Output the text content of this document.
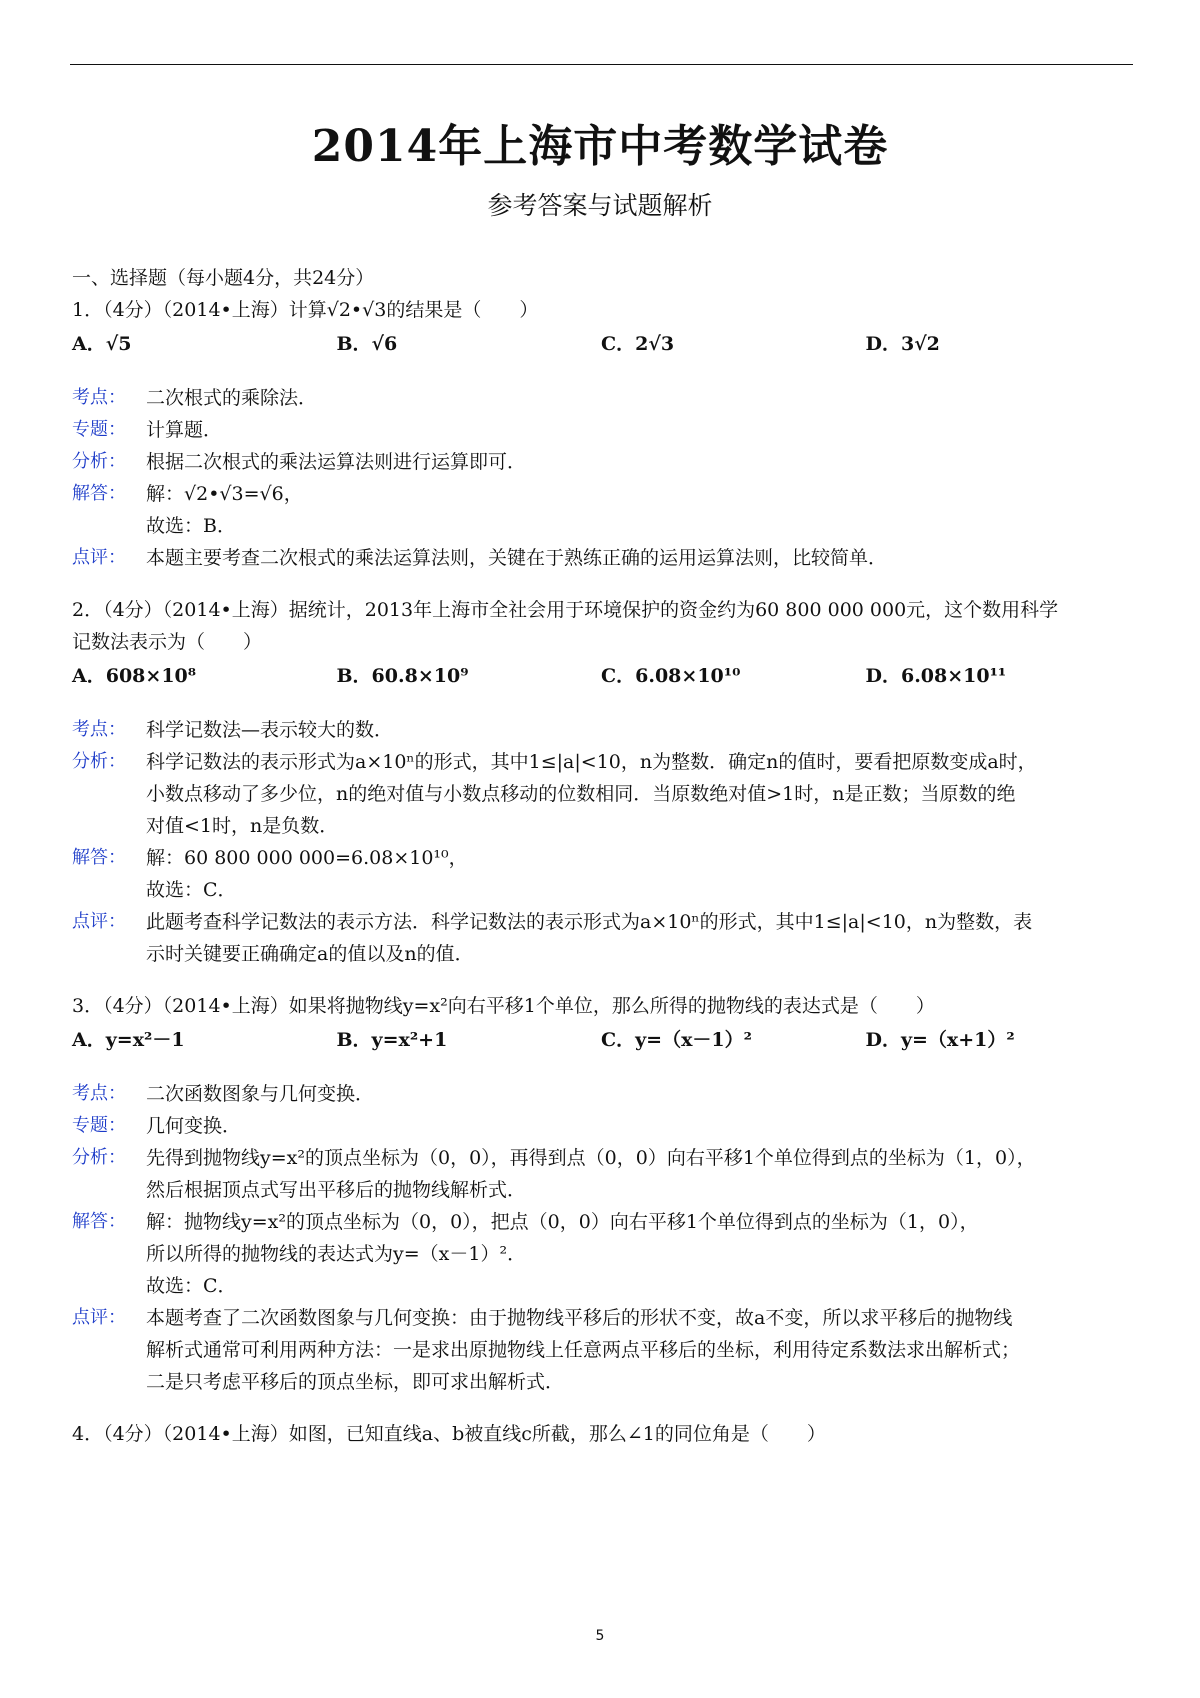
2014年上海市中考数学试卷
参考答案与试题解析
一、选择题（每小题4分，共24分）
1．（4分）（2014•上海）计算√2•√3的结果是（　　）
A．√5	B．√6	C．2√3	D．3√2
考点：	二次根式的乘除法．
专题：	计算题．
分析：	根据二次根式的乘法运算法则进行运算即可．
解答：	解：√2•√3=√6，
故选：B．
点评：	本题主要考查二次根式的乘法运算法则，关键在于熟练正确的运用运算法则，比较简单．
2．（4分）（2014•上海）据统计，2013年上海市全社会用于环境保护的资金约为60 800 000 000元，这个数用科学
记数法表示为（　　）
A．608×10⁸	B．60.8×10⁹	C．6.08×10¹⁰	D．6.08×10¹¹
考点：	科学记数法—表示较大的数．
分析：	科学记数法的表示形式为a×10ⁿ的形式，其中1≤|a|<10，n为整数．确定n的值时，要看把原数变成a时，
小数点移动了多少位，n的绝对值与小数点移动的位数相同．当原数绝对值>1时，n是正数；当原数的绝
对值<1时，n是负数．
解答：	解：60 800 000 000=6.08×10¹⁰，
故选：C．
点评：	此题考查科学记数法的表示方法．科学记数法的表示形式为a×10ⁿ的形式，其中1≤|a|<10，n为整数，表
示时关键要正确确定a的值以及n的值．
3．（4分）（2014•上海）如果将抛物线y=x²向右平移1个单位，那么所得的抛物线的表达式是（　　）
A．y=x²－1	B．y=x²+1	C．y=（x－1）²	D．y=（x+1）²
考点：	二次函数图象与几何变换．
专题：	几何变换．
分析：	先得到抛物线y=x²的顶点坐标为（0，0），再得到点（0，0）向右平移1个单位得到点的坐标为（1，0），
然后根据顶点式写出平移后的抛物线解析式．
解答：	解：抛物线y=x²的顶点坐标为（0，0），把点（0，0）向右平移1个单位得到点的坐标为（1，0），
所以所得的抛物线的表达式为y=（x－1）²．
故选：C．
点评：	本题考查了二次函数图象与几何变换：由于抛物线平移后的形状不变，故a不变，所以求平移后的抛物线
解析式通常可利用两种方法：一是求出原抛物线上任意两点平移后的坐标，利用待定系数法求出解析式；
二是只考虑平移后的顶点坐标，即可求出解析式．
4．（4分）（2014•上海）如图，已知直线a、b被直线c所截，那么∠1的同位角是（　　）
5
